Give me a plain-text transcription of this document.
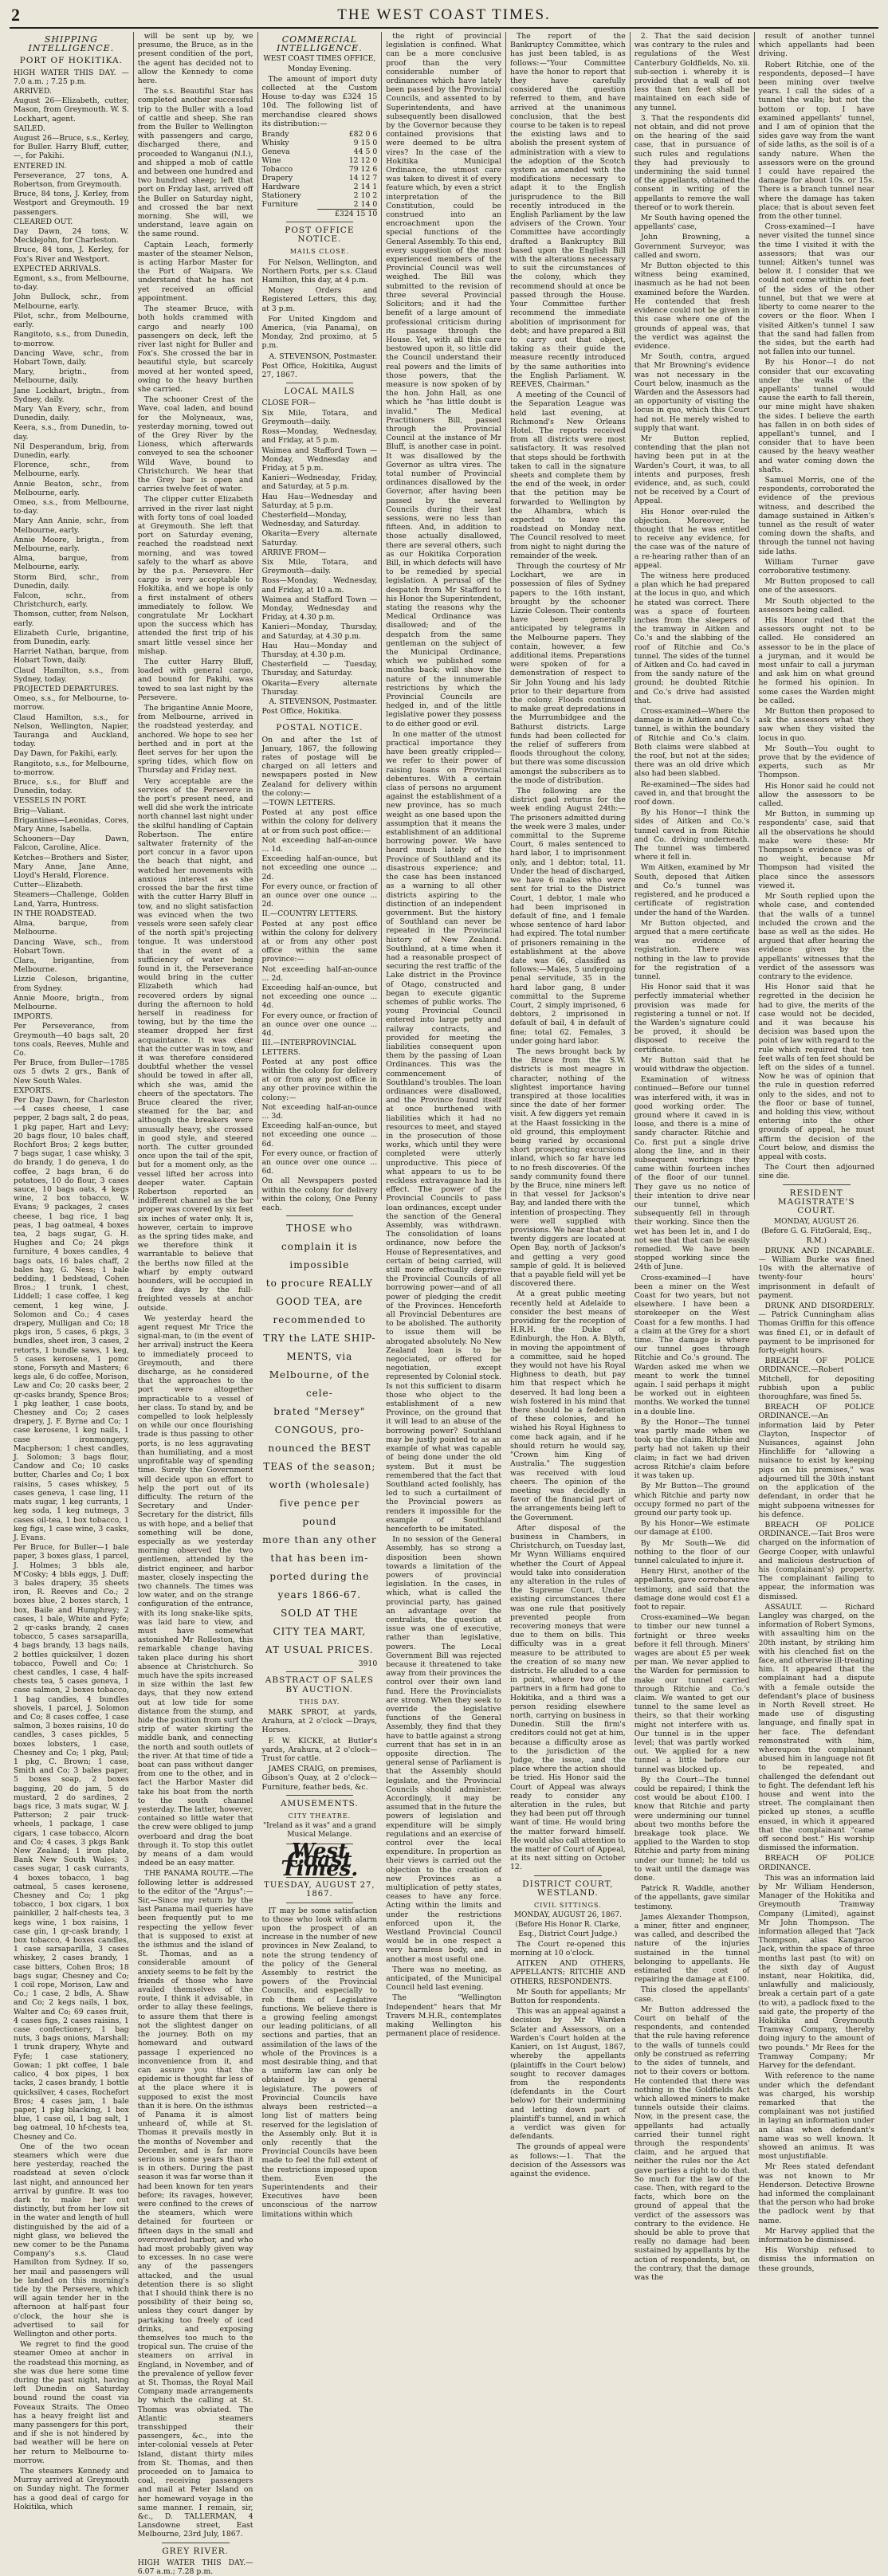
2	THE WEST COAST TIMES.
SHIPPING INTELLIGENCE.
PORT OF HOKITIKA.
HIGH WATER THIS DAY. — 7.0 a.m. ; 7.25 p.m.
ARRIVED.
August 26—Elizabeth, cutter, Mason, from Greymouth. W. S. Lockhart, agent.
SAILED.
August 26—Bruce, s.s., Kerley, for Buller. Harry Bluff, cutter, —, for Pakihi.
ENTERED IN.
Perseverance, 27 tons, A. Robertson, from Greymouth.
Bruce, 84 tons, J. Kerley, from Westport and Greymouth. 19 passengers.
CLEARED OUT.
Day Dawn, 24 tons, W. Mecklejohn, for Charleston.
Bruce, 84 tons, J. Kerley, for Fox's River and Westport.
EXPECTED ARRIVALS.
Egmont, s.s., from Melbourne, to-day.
John Bullock, schr., from Melbourne, early.
Pilot, schr., from Melbourne, early.
Rangitoto, s.s., from Dunedin, to-morrow.
Dancing Wave, schr., from Hobart Town, daily.
Mary, brigtn., from Melbourne, daily.
Jane Lockhart, brigtn., from Sydney, daily.
Mary Van Every, schr., from Dunedin, daily.
Keera, s.s., from Dunedin, to-day.
Nil Desperandum, brig, from Dunedin, early.
Florence, schr., from Melbourne, early.
Annie Beaton, schr., from Melbourne, early.
Omeo, s.s., from Melbourne, to-day.
Mary Ann Annie, schr., from Melbourne, early.
Annie Moore, brigtn., from Melbourne, early.
Alma, barque, from Melbourne, early.
Storm Bird, schr., from Dunedin, daily.
Falcon, schr., from Christchurch, early.
Thomson, cutter, from Nelson, early.
Elizabeth Curle, brigantine, from Dunedin, early.
Harriet Nathan, barque, from Hobart Town, daily.
Claud Hamilton, s.s., from Sydney, today.
PROJECTED DEPARTURES.
Omeo, s.s., for Melbourne, to-morrow.
Claud Hamilton, s.s., for Nelson, Wellington, Napier, Tauranga and Auckland, today.
Day Dawn, for Pakihi, early.
Rangitoto, s.s., for Melbourne, to-morrow.
Bruce, s.s., for Bluff and Dunedin, today.
VESSELS IN PORT.
Brig—Valiant.
Brigantines—Leonidas, Cores, Mary Anne, Isabella.
Schooners—Day Dawn, Falcon, Caroline, Alice.
Ketches—Brothers and Sister, Mary Anne, Jane Anne, Lloyd's Herald, Florence.
Cutter—Elizabeth.
Steamers—Challenge, Golden Land, Yarra, Huntress.
IN THE ROADSTEAD.
Alma, barque, from Melbourne.
Dancing Wave, sch., from Hobart Town.
Clara, brigantine, from Melbourne.
Lizzie Coleson, brigantine, from Sydney.
Annie Moore, brigtn., from Melbourne.
IMPORTS.
Per Perseverance, from Greymouth—40 bags salt, 20 tons coals, Reeves, Muhle and Co.
Per Bruce, from Buller—1785 ozs 5 dwts 2 grs., Bank of New South Wales.
EXPORTS.
Per Day Dawn, for Charleston—4 cases cheese, 1 case pepper, 2 bags salt, 2 do peas, 1 pkg paper, Hart and Levy; 20 bags flour, 10 bales chaff, Rochfort Bros; 2 kegs butter, 7 bags sugar, 1 case whisky, 3 do brandy, 1 do geneva, 1 do coffee, 2 bags bran, 6 do potatoes, 10 do flour, 3 cases sauce, 10 bags oats, 4 kegs wine, 2 box tobacco, W. Evans; 9 packages, 2 cases cheese, 1 bag rice, 1 bag peas, 1 bag oatmeal, 4 boxes tea, 2 bags sugar, G. H. Hughes and Co; 24 pkgs furniture, 4 boxes candles, 4 bags oats, 16 bales chaff, 2 bales hay, G. Ness; 1 bale bedding, 1 bedstead, Cohen Bros.; 1 trunk, 1 chest, Liddell; 1 case coffee, 1 keg cement, 1 keg wine, J. Solomon and Co.; 4 cases drapery, Mulligan and Co; 18 pkgs iron, 5 cases, 6 pkgs, 3 bundles, sheet iron, 3 cases, 2 retorts, 1 bundle saws, 1 keg, 5 cases kerosene, 1 pomc stone, Forsyth and Masters; 6 kegs ale, 6 do coffee, Morison, Law and Co; 20 casks beer, 2 qr-casks brandy, Spence Bros; 1 pkg leather, 1 case boots, Chesney and Co; 2 cases drapery, J. F. Byrne and Co; 1 case kerosene, 1 keg nails, 1 case ironmongery, Macpherson; 1 chest candles, J. Solomon; 3 bags flour, Candow and Co; 10 casks butter, Charles and Co; 1 box raisins, 5 cases whiskey, 5 cases geneva, 1 case ling, 11 mats sugar, 1 keg currants, 1 keg soda, 1 keg nutmegs, 3 cases oil-tea, 1 box tobacco, 1 keg figs, 1 case wine, 3 casks, J. Evans.
Per Bruce, for Buller—1 bale paper, 3 boxes glass, 1 parcel, J. Holmes; 3 bbls ale, M'Cosky; 4 bbls eggs, J. Duff; 3 bales drapery, 35 sheets iron, R. Reeves and Co.; 2 boxes blue, 2 boxes starch, 1 box, Baile and Humphrey; 2 cases, 1 bale, White and Fyfe; 2 qr-casks brandy, 2 cases tobacco, 5 cases sarsaparilla, 4 bags brandy, 13 bags nails, 2 bottles quicksilver, 1 dozen tobacco, Powell and Co; 1 chest candles, 1 case, 4 half-chests tea, 5 cases geneva, 1 case salmon, 2 boxes tobacco, 1 bag candies, 4 bundles shovels, 1 parcel, J. Solomon and Co; 8 cases coffee, 1 case salmon, 3 boxes raisins, 10 do candles, 3 cases pickles, 5 boxes lobsters, 1 case, Chesney and Co; 1 pkg, Paul; 1 pkg, C. Brown; 1 case, Smith and Co; 3 bales paper, 5 boxes soap, 2 boxes bagging, 20 do jam, 5 do mustard, 2 do sardines, 2 bags rice, 3 mats sugar, W. J. Patterson; 2 pair truck-wheels, 1 package, 1 case cigars, 1 case tobacco, Alcorn and Co; 4 cases, 3 pkgs Bank New Zealand; 1 iron plate, Bank New South Wales; 3 cases sugar, 1 cask currants, 4 boxes tobacco, 1 bag oatmeal, 5 cases kerosene, Chesney and Co; 1 pkg tobacco, 1 box cigars, 1 box painkiller, 2 half-chests tea, 3 kegs wine, 1 box raisins, 1 case gin, 1 qr-cask brandy, 1 box tobacco, 4 boxes candles, 1 case sarsaparilla, 3 cases whiskey, 2 cases brandy, 1 case bitters, Cohen Bros; 18 bags sugar, Chesney and Co; 1 coil rope, Morison, Law and Co.; 1 case, 2 bdls, A. Shaw and Co; 2 kegs nails, 1 box, Walter and Co; 69 cases fruit, 4 cases figs, 2 cases raisins, 1 case confectionery, 1 bag nuts, 3 bags onions, Marshall; 1 trunk drapery, Whyte and Fyfe; 1 case stationery, Gowan; 1 pkt coffee, 1 bale calico, 4 box pipes, 1 box tacks, 2 cases brandy, 1 bottle quicksilver, 4 cases, Rochefort Bros; 4 cases jam, 1 bale paper, 1 pkg blacking, 1 box blue, 1 case oil, 1 bag salt, 1 bag oatmeal, 10 hf-chests tea, Chesney and Co.
One of the two ocean steamers which were due here yesterday, reached the roadstead at seven o'clock last night, and announced her arrival by gunfire. It was too dark to make her out distinctly, but from her low sit in the water and length of hull distinguished by the aid of a night glass, we believed the new comer to be the Panama Company's s.s. Claud Hamilton from Sydney. If so, her mail and passengers will be landed on this morning's tide by the Persevere, which will again tender her in the afternoon at half-past four o'clock, the hour she is advertised to sail for Wellington and other ports.
We regret to find the good steamer Omeo at anchor in the roadstead this morning, as she was due here some time during the past night, having left Dunedin on Saturday bound round the coast via Foveaux Straits. The Omeo has a heavy freight list and many passengers for this port, and if she is not hindered by bad weather will be here on her return to Melbourne to-morrow.
The steamers Kennedy and Murray arrived at Greymouth on Sunday night. The former has a good deal of cargo for Hokitika, which
will be sent up by, we presume, the Bruce, as in the present condition of the port, the agent has decided not to allow the Kennedy to come here.
The s.s. Beautiful Star has completed another successful trip to the Buller with a load of cattle and sheep. She ran from the Buller to Wellington with passengers and cargo, discharged there, and proceeded to Wanganui (N.I.), and shipped a mob of cattle and between one hundred and two hundred sheep; left that port on Friday last, arrived off the Buller on Saturday night, and crossed the bar next morning. She will, we understand, leave again on the same round.
Captain Leach, formerly master of the steamer Nelson, is acting Harbor Master for the Port of Waipara. We understand that he has not yet received an official appointment.
The steamer Bruce, with both holds crammed with cargo and nearly 100 passengers on deck, left the river last night for Buller and Fox's. She crossed the bar in beautiful style, but scarcely moved at her wonted speed, owing to the heavy burthen she carried.
The schooner Crest of the Wave, coal laden, and bound for the Molyneaux, was, yesterday morning, towed out of the Grey River by the Lioness, which afterwards conveyed to sea the schooner Wild Wave, bound to Christchurch. We hear that the Grey bar is open and carries twelve feet of water.
The clipper cutter Elizabeth arrived in the river last night with forty tons of coal loaded at Greymouth. She left that port on Saturday evening, reached the roadstead next morning, and was towed safely to the wharf as above by the p.s. Persevere. Her cargo is very acceptable to Hokitika, and we hope is only a first instalment of others immediately to follow. We congratulate Mr Lockhart upon the success which has attended the first trip of his smart little vessel since her mishap.
The cutter Harry Bluff, loaded with general cargo, and bound for Pakihi, was towed to sea last night by the Persevere.
The brigantine Annie Moore, from Melbourne, arrived in the roadstead yesterday, and anchored. We hope to see her berthed and in port at the fleet serves for her upon the spring tides, which flow on Thursday and Friday next.
Very acceptable are the services of the Persevere in the port's present need, and well did she work the intricate north channel last night under the skilful handling of Captain Robertson. The entire saltwater fraternity of the port concur in a favor upon the beach that night, and watched her movements with anxious interest as she crossed the bar the first time with the cutter Harry Bluff in tow, and no slight satisfaction was evinced when the two vessels were seen safely clear of the north spit's projecting tongue. It was understood that in the event of a sufficiency of water being found in it, the Perseverance would bring in the cutter Elizabeth which had recovered orders by signal during the afternoon to hold herself in readiness for towing, but by the time the steamer dropped her first acquaintance. It was clear that the cutter was in tow, and it was therefore considered doubtful whether the vessel should be towed in after all, which she was, amid the cheers of the spectators. The Bruce cleared the river, steamed for the bar, and although the breakers were unusually heavy, she crossed in good style, and steered north. The cutter grounded once upon the tail of the spit, but for a moment only, as the vessel lifted her across into deeper water. Captain Robertson reported an indifferent channel as the bar proper was covered by six feet six inches of water only. It is, however, certain to improve as the spring tides make, and we therefore think it warrantable to believe that the berths now filled at the wharf by empty outward bounders, will be occupied in a few days by the full-freighted vessels at anchor outside.
We yesterday heard the agent request Mr Trice the signal-man, to (in the event of her arrival) instruct the Keera to immediately proceed to Greymouth, and there discharge, as he considered that the approaches to the port were altogether impracticable to a vessel of her class. To stand by, and be compelled to look helplessly on while our once flourishing trade is thus passing to other ports, is no less aggravating than humiliating, and a most unprofitable way of spending time. Surely the Government will decide upon an effort to help the port out of its difficulty. The return of the Secretary and Under-Secretary for the district, fills us with hope, and a belief that something will be done, especially as we yesterday morning observed the two gentlemen, attended by the district engineer, and harbor master, closely inspecting the two channels. The times was low water, and on the strange configuration of the entrance, with its long snake-like spits, was laid bare to view, and must have somewhat astonished Mr Rolleston, this remarkable change having taken place during his short absence at Christchurch. So much have the spits increased in size within the last few days, that they now extend out at low tide for some distance from the stump, and hide the position from surf the strip of water skirting the middle bank, and connecting the north and south outlets of the river. At that time of tide a boat can pass without danger from one to the other, and in fact the Harbor Master did take his boat from the north to the south channel yesterday. The latter, however, contained so little water that the crew were obliged to jump overboard and drag the boat through it. To stop this outlet by means of a dam would indeed be an easy matter.
THE PANAMA ROUTE.—The following letter is addressed to the editor of the "Argus":—Sir,—Since my return by the last Panama mail queries have been frequently put to me respecting the yellow fever that is supposed to exist at the isthmus and the island of St. Thomas, and as a considerable amount of anxiety seems to be felt by the friends of those who have availed themselves of the route, I think it advisable, in order to allay these feelings, to assure them that there is not the slightest danger on the journey. Both on my homeward and outward passage I experienced no inconvenience from it, and can assure you that the epidemic is thought far less of at the place where it is supposed to exist the most than it is here. On the isthmus of Panama it is almost unheard of, while at St. Thomas it prevails mostly in the months of November and December, and is far more serious in some years than it is in others. During the past season it was far worse than it had been known for ten years before; its ravages, however, were confined to the crews of the steamers, which were detained for fourteen or fifteen days in the small and overcrowded harbor, and who had most probably given way to excesses. In no case were any of the passengers attacked, and the usual detention there is so slight that I should think there is no possibility of their being so, unless they court danger by partaking too freely of iced drinks, and exposing themselves too much to the tropical sun. The cruise of the steamers on arrival in England, in November, and of the prevalence of yellow fever at St. Thomas, the Royal Mail Company made arrangements by which the calling at St. Thomas was obviated. The Atlantic steamers transshipped their passengers, &c., into the inter-colonial vessels at Peter Island, distant thirty miles from St. Thomas, and then proceeded on to Jamaica to coal, receiving passengers and mail at Peter Island on her homeward voyage in the same manner. I remain, sir, &c., D. TALLERMAN, 4 Lansdowne street, East Melbourne, 23rd July, 1867.
GREY RIVER.
HIGH WATER THIS DAY.—6.07 a.m.; 7.28 p.m.
COMMERCIAL INTELLIGENCE.
WEST COAST TIMES OFFICE,
Monday Evening.
The amount of import duty collected at the Custom House to-day was £324 15 10d. The following list of merchandise cleared shows its distribution:—
Brandy	£82 0 6
Whisky	9 15 0
Geneva	44 5 0
Wine	12 12 0
Tobacco	79 12 6
Drapery	14 12 7
Hardware	2 14 1
Stationery	2 10 2
Furniture	2 14 0
	£324 15 10
POST OFFICE NOTICE.
MAILS CLOSE.
For Nelson, Wellington, and Northern Ports, per s.s. Claud Hamilton, this day, at 4 p.m.
Money Orders and Registered Letters, this day, at 3 p.m.
For United Kingdom and America, (via Panama), on Monday, 2nd proximo, at 5 p.m.
A. STEVENSON, Postmaster.
Post Office, Hokitika, August 27, 1867.
LOCAL MAILS
CLOSE FOR—
Six Mile, Totara, and Greymouth—daily.
Ross—Monday, Wednesday, and Friday, at 5 p.m.
Waimea and Stafford Town — Monday, Wednesday and Friday, at 5 p.m.
Kanieri—Wednesday, Friday, and Saturday, at 5 p.m.
Hau Hau—Wednesday and Saturday, at 5 p.m.
Chesterfield—Monday, Wednesday, and Saturday.
Okarita—Every alternate Saturday.
ARRIVE FROM—
Six Mile, Totara, and Greymouth—daily.
Ross—Monday, Wednesday, and Friday, at 10 a.m.
Waimea and Stafford Town — Monday, Wednesday and Friday, at 4.30 p.m.
Kanieri—Monday, Thursday, and Saturday, at 4.30 p.m.
Hau Hau—Monday and Thursday, at 4.30 p.m.
Chesterfield — Tuesday, Thursday, and Saturday.
Okarita—Every alternate Thursday.
A. STEVENSON, Postmaster.
Post Office, Hokitika.
POSTAL NOTICE.
On and after the 1st of January, 1867, the following rates of postage will be charged on all letters and newspapers posted in New Zealand for delivery within the colony:—
—TOWN LETTERS.
Posted at any post office within the colony for delivery at or from such post office:—
Not exceeding half-an-ounce ... 1d.
Exceeding half-an-ounce, but not exceeding one ounce ... 2d.
For every ounce, or fraction of an ounce over one ounce ... 2d.
II.—COUNTRY LETTERS.
Posted at any post office within the colony for delivery at or from any other post office within the same province:—
Not exceeding half-an-ounce ... 2d.
Exceeding half-an-ounce, but not exceeding one ounce ... 4d.
For every ounce, or fraction of an ounce over one ounce ... 4d.
III.—INTERPROVINCIAL LETTERS.
Posted at any post office within the colony for delivery at or from any post office in any other province within the colony:—
Not exceeding half-an-ounce ... 3d.
Exceeding half-an-ounce, but not exceeding one ounce ... 6d.
For every ounce, or fraction of an ounce over one ounce ... 6d.
On all Newspapers posted within the colony for delivery within the colony, One Penny each.
THOSE who complain it is impossible
to procure REALLY GOOD TEA, are
recommended to TRY the LATE SHIP-
MENTS, via Melbourne, of the cele-
brated "Mersey" CONGOUS, pro-
nounced the BEST TEAS of the season;
worth (wholesale) five pence per pound
more than any other that has been im-
ported during the years 1866-67.
SOLD AT THE
CITY TEA MART,
AT USUAL PRICES.
3910
ABSTRACT OF SALES BY AUCTION.
THIS DAY.
MARK SPROT, at yards, Arahura, at 2 o'clock —Drays, Horses.
F. W. KICKE, at Butler's yards, Arahura, at 2 o'clock—Trust for cattle.
JAMES CRAIG, on premises, Gibson's Quay, at 2 o'clock—Furniture, feather beds, &c.
AMUSEMENTS.
CITY THEATRE.
"Ireland as it was" and a grand Musical Melange.
West Coast Times.
TUESDAY, AUGUST 27, 1867.
IT may be some satisfaction to those who look with alarm upon the prospect of an increase in the number of new provinces in New Zealand, to note the strong tendency of the policy of the General Assembly to restrict the powers of the Provincial Councils, and especially to rob them of Legislative functions. We believe there is a growing feeling amongst our leading politicians, of all sections and parties, that an assimilation of the laws of the whole of the Provinces is a most desirable thing, and that a uniform law can only be obtained by a general legislature. The powers of Provincial Councils have always been restricted—a long list of matters being reserved for the legislation of the Assembly only. But it is only recently that the Provincial Councils have been made to feel the full extent of the restrictions imposed upon them. Even the Superintendents and their Executives have been unconscious of the narrow limitations within which
the right of provincial legislation is confined. What can be a more conclusive proof than the very considerable number of ordinances which have lately been passed by the Provincial Councils, and assented to by Superintendents, and have subsequently been disallowed by the Governor because they contained provisions that were deemed to be ultra vires? In the case of the Hokitika Municipal Ordinance, the utmost care was taken to divest it of every feature which, by even a strict interpretation of the Constitution, could be construed into an encroachment upon the special functions of the General Assembly. To this end, every suggestion of the most experienced members of the Provincial Council was well weighed. The Bill was submitted to the revision of three several Provincial Solicitors; and it had the benefit of a large amount of professional criticism during its passage through the House. Yet, with all this care bestowed upon it, so little did the Council understand their real powers and the limits of those powers, that the measure is now spoken of by the hon. John Hall, as one which he "has little doubt is invalid." The Medical Practitioners Bill, passed through the Provincial Council at the instance of Mr Bluff, is another case in point. It was disallowed by the Governor as ultra vires. The total number of Provincial ordinances disallowed by the Governor, after having been passed by the several Councils during their last sessions, were no less than fifteen. And, in addition to those actually disallowed, there are several others, such as our Hokitika Corporation Bill, in which defects will have to be remedied by special legislation. A perusal of the despatch from Mr Stafford to his Honor the Superintendent, stating the reasons why the Medical Ordinance was disallowed; and of the despatch from the same gentleman on the subject of the Municipal Ordinance, which we published some months back; will show the nature of the innumerable restrictions by which the Provincial Councils are hedged in, and of the little legislative power they possess to do either good or evil.
In one matter of the utmost practical importance they have been greatly crippled—we refer to their power of raising loans on Provincial debentures. With a certain class of persons no argument against the establishment of a new province, has so much weight as one based upon the assumption that it means the establishment of an additional borrowing power. We have heard much lately of the Province of Southland and its disastrous experience; and the case has been instanced as a warning to all other districts aspiring to the distinction of an independent government. But the history of Southland can never be repeated in the Provincial history of New Zealand. Southland, at a time when it had a reasonable prospect of securing the rest traffic of the Lake district in the Province of Otago, constructed and began to execute gigantic schemes of public works. The young Provincial Council entered into large petty and railway contracts, and provided for meeting the liabilities consequent upon them by the passing of Loan Ordinances. This was the commencement of Southland's troubles. The loan ordinances were disallowed, and the Province found itself at once burthened with liabilities which it had no resources to meet, and stayed in the prosecution of those works, which until they were completed were utterly unproductive. This piece of what appears to us to be reckless extravagance had its effect. The power of the Provincial Councils to pass loan ordinances, except under the sanction of the General Assembly, was withdrawn. The consolidation of loans ordinance, now before the House of Representatives, and certain of being carried, will still more effectually deprive the Provincial Councils of all borrowing power—and of all power of pledging the credit of the Provinces. Henceforth all Provincial Debentures are to be abolished. The authority to issue them will be abrogated absolutely. No New Zealand loan is to be negociated, or offered for negotiation, except represented by Colonial stock. Is not this sufficient to disarm those who object to the establishment of a new Province, on the ground that it will lead to an abuse of the borrowing power? Southland may be justly pointed to as an example of what was capable of being done under the old system. But it must be remembered that the fact that Southland acted foolishly, has led to such a curtailment of the Provincial powers as renders it impossible for the example of Southland henceforth to be imitated.
In no session of the General Assembly, has so strong a disposition been shown towards a limitation of the powers of provincial legislation. In the cases, in which, what is called the provincial party, has gained an advantage over the centralists, the question at issue was one of executive, rather than legislative, powers. The Local Government Bill was rejected because it threatened to take away from their provinces the control over their own land fund. Here the Provincialists are strong. When they seek to override the legislative functions of the General Assembly, they find that they have to battle against a strong current that has set in in an opposite direction. The general sense of Parliament is that the Assembly should legislate, and the Provincial Councils should administer. Accordingly, it may be assumed that in the future the powers of legislation and expenditure will be simply regulations and an exercise of control over the local expenditure. In proportion as their views is carried out the objection to the creation of new Provinces as a multiplication of petty states, ceases to have any force. Acting within the limits and under the restrictions enforced upon it, the Westland Provincial Council would be in one respect a very harmless body, and in another a most useful one.
There was no meeting, as anticipated, of the Municipal Council held last evening.
The "Wellington Independent" hears that Mr Travers M.H.R., contemplates making Wellington his permanent place of residence.
The report of the Bankruptcy Committee, which has just been tabled, is as follows:—"Your Committee have the honor to report that they have carefully considered the question referred to them, and have arrived at the unanimous conclusion, that the best course to be taken is to repeal the existing laws and to abolish the present system of administration with a view to the adoption of the Scotch system as amended with the modifications necessary to adapt it to the English jurisprudence to the Bill recently introduced in the English Parliament by the law advisers of the Crown. Your Committee have accordingly drafted a Bankruptcy Bill based upon the English Bill with the alterations necessary to suit the circumstances of the colony, which they recommend should at once be passed through the House. Your Committee further recommend the immediate abolition of imprisonment for debt; and have prepared a Bill to carry out that object, taking as their guide the measure recently introduced by the same authorities into the English Parliament. W. REEVES, Chairman."
A meeting of the Council of the Separation League was held last evening, at Richmond's New Orleans Hotel. The reports received from all districts were most satisfactory. It was resolved that steps should be forthwith taken to call in the signature sheets and complete them by the end of the week, in order that the petition may be forwarded to Wellington by the Alhambra, which is expected to leave the roadstead on Monday next. The Council resolved to meet from night to night during the remainder of the week.
Through the courtesy of Mr Lockhart, we are in possession of files of Sydney papers to the 16th instant, brought by the schooner Lizzie Coleson. Their contents have been generally anticipated by telegrams in the Melbourne papers. They contain, however, a few additional items. Preparations were spoken of for a demonstration of respect to Sir John Young and his lady prior to their departure from the colony. Floods continued to make great depredations in the Murrumbidgee and the Bathurst districts. Large funds had been collected for the relief of sufferers from floods throughout the colony, but there was some discussion amongst the subscribers as to the mode of distribution.
The following are the district gaol returns for the week ending August 24th:—The prisoners admitted during the week were 3 males, under committal to the Supreme Court, 6 males sentenced to hard labor, 1 to imprisonment only, and 1 debtor; total, 11. Under the head of discharged, we have 6 males who were sent for trial to the District Court, 1 debtor, 1 male who had been imprisoned in default of fine, and 1 female whose sentence of hard labor had expired. The total number of prisoners remaining in the establishment at the above date was 66, classified as follows:—Males, 5 undergoing penal servitude, 35 in the hard labor gang, 8 under committal to the Supreme Court, 2 simply imprisoned, 6 debtors, 2 imprisoned in default of bail, 4 in default of fine; total 62. Females, 3 under going hard labor.
The news brought back by the Bruce from the S.W. districts is most meagre in character, nothing of the slightest importance having transpired at those localities since the date of her former visit. A few diggers yet remain at the Haast fossicking in the old ground, this employment being varied by occasional short prospecting excursions inland, which so far have led to no fresh discoveries. Of the sandy community found there by the Bruce, nine miners left in that vessel for Jackson's Bay, and landed there with the intention of prospecting. They were well supplied with provisions. We hear that about twenty diggers are located at Open Bay, north of Jackson's and getting a very good sample of gold. It is believed that a payable field will yet be discovered there.
At a great public meeting recently held at Adelaide to consider the best means of providing for the reception of H.R.H. the Duke of Edinburgh, the Hon. A. Blyth, in moving the appointment of a committee, said he hoped they would not have his Royal Highness to death, but pay him that respect which he deserved. It had long been a wish fostered in his mind that there should be a federation of these colonies, and he wished his Royal Highness to come back again, and if he should return he would say, "Crown him King of Australia." The suggestion was received with loud cheers. The opinion of the meeting was decidedly in favor of the financial part of the arrangements being left to the Government.
After disposal of the business in Chambers, in Christchurch, on Tuesday last, Mr Wynn Williams enquired whether the Court of Appeal would take into consideration any alteration in the rules of the Supreme Court. Under existing circumstances there was one rule that positively prevented people from recovering moneys that were due to them on bills. This difficulty was in a great measure to be attributed to the creation of so many new districts. He alluded to a case in point, where two of the partners in a firm had gone to Hokitika, and a third was a person residing elsewhere north, carrying on business in Dunedin. Still the firm's creditors could not get at him, because a difficulty arose as to the jurisdiction of the Judge, the issue, and the place where the action should be tried. His Honor said the Court of Appeal was always ready to consider any alteration in the rules, but they had been put off through want of time. He would bring the matter forward himself. He would also call attention to the matter of Court of Appeal, at its next sitting on October 12.
DISTRICT COURT, WESTLAND.
CIVIL SITTINGS.
MONDAY, AUGUST 26, 1867.
(Before His Honor R. Clarke, Esq., District Court Judge.)
The Court re-opened this morning at 10 o'clock.
AITKEN AND OTHERS, APPELLANTS; RITCHIE AND OTHERS, RESPONDENTS.
Mr South for appellants; Mr Button for respondents.
This was an appeal against a decision by Mr Warden Sclater and Assessors, on a Warden's Court holden at the Kanieri, on 1st August, 1867, whereby the appellants (plaintiffs in the Court below) sought to recover damages from the respondents (defendants in the Court below) for their undermining and letting down part of plaintiff's tunnel, and in which a verdict was given for defendants.
The grounds of appeal were as follows:—1. That the decision of the Assessors was against the evidence.
2. That the said decision was contrary to the rules and regulations of the West Canterbury Goldfields, No. xii. sub-section i. whereby it is provided that a wall of not less than ten feet shall be maintained on each side of any tunnel.
3. That the respondents did not obtain, and did not prove on the hearing of the said case, that in pursuance of such rules and regulations they had previously to undermining the said tunnel of the appellants, obtained the consent in writing of the appellants to remove the wall thereof or to work therein.
Mr South having opened the appellants' case,
John Browning, a Government Surveyor, was called and sworn.
Mr Button objected to this witness being examined, inasmuch as he had not been examined before the Warden. He contended that fresh evidence could not be given in this case where one of the grounds of appeal was, that the verdict was against the evidence.
Mr South, contra, argued that Mr Browning's evidence was not necessary in the Court below, inasmuch as the Warden and the Assessors had an opportunity of visiting the locus in quo, which this Court had not. He merely wished to supply that want.
Mr Button replied, contending that the plan not having been put in at the Warden's Court, it was, to all intents and purposes, fresh evidence, and, as such, could not be received by a Court of Appeal.
His Honor over-ruled the objection. Moreover, he thought that he was entitled to receive any evidence, for the case was of the nature of a re-hearing rather than of an appeal.
The witness here produced a plan which he had prepared at the locus in quo, and which he stated was correct. There was a space of fourteen inches from the sleepers of the tramway in Aitken and Co.'s and the slabbing of the roof of Ritchie and Co.'s tunnel. The sides of the tunnel of Aitken and Co. had caved in from the sandy nature of the ground; he doubted Ritchie and Co.'s drive had assisted that.
Cross-examined—Where the damage is in Aitken and Co.'s tunnel, is within the boundary of Ritchie and Co.'s claim. Both claims were slabbed at the roof, but not at the sides; there was an old drive which also had been slabbed.
Re-examined—The sides had caved in, and that brought the roof down.
By his Honor—I think the sides of Aitken and Co.'s tunnel caved in from Ritchie and Co. driving underneath. The tunnel was timbered where it fell in.
Wm Aitken, examined by Mr South, deposed that Aitken and Co.'s tunnel was registered, and he produced a certificate of registration under the hand of the Warden.
Mr Button objected, and argued that a mere certificate was no evidence of registration. There was nothing in the law to provide for the registration of a tunnel.
His Honor said that it was perfectly immaterial whether provision was made for registering a tunnel or not. If the Warden's signature could be proved, it should be disposed to receive the certificate.
Mr Button said that he would withdraw the objection.
Examination of witness continued—Before our tunnel was interfered with, it was in good working order. The ground where it caved in is loose, and there is a mine of sandy character. Ritchie and Co. first put a single drive along the line, and in their subsequent workings they came within fourteen inches of the floor of our tunnel. They gave us no notice of their intention to drive near our tunnel, which subsequently fell in through their working. Since then the wet has been let in, and I do not see that that can be easily remedied. We have been stopped working since the 24th of June.
Cross-examined—I have been a miner on the West Coast for two years, but not elsewhere. I have been a storekeeper on the West Coast for a few months. I had a claim at the Grey for a short time. The damage is where our tunnel goes through Ritchie and Co.'s ground. The Warden asked me when we meant to work the tunnel again. I said perhaps it might be worked out in eighteen months. We worked the tunnel in a double line.
By the Honor—The tunnel was partly made when we took up the claim. Ritchie and party had not taken up their claim; in fact we had driven across Ritchie's claim before it was taken up.
By Mr Button—The ground which Ritchie and party now occupy formed no part of the ground our party took up.
By his Honor—We estimate our damage at £100.
By Mr South—We did nothing to the floor of our tunnel calculated to injure it.
Henry Hirst, another of the appellants, gave corroborative testimony, and said that the damage done would cost £1 a foot to repair.
Cross-examined—We began to timber our new tunnel a fortnight or three weeks before it fell through. Miners' wages are about £5 per week per man. We never applied to the Warden for permission to make our tunnel carried through Ritchie and Co.'s claim. We wanted to get our tunnel to the same level as theirs, so that their working might not interfere with us. Our tunnel is in the upper level; that was partly worked out. We applied for a new tunnel a little before our tunnel was blocked up.
By the Court—The tunnel could be repaired; I think the cost would be about £100. I know that Ritchie and party were undermining our tunnel about two months before the breakage took place. We applied to the Warden to stop Ritchie and party from mining under our tunnel; he told us to wait until the damage was done.
Patrick R. Waddle, another of the appellants, gave similar testimony.
James Alexander Thompson, a miner, fitter and engineer, was called, and described the nature of the injuries sustained in the tunnel belonging to appellants. He estimated the cost of repairing the damage at £100.
This closed the appellants' case.
Mr Button addressed the Court on behalf of the respondents, and contended that the rule having reference to the walls of tunnels could only be construed as referring to the sides of tunnels, and not to their covers or bottom. He contended that there was nothing in the Goldfields Act which allowed miners to make tunnels outside their claims. Now, in the present case, the appellants had actually carried their tunnel right through the respondents' claim, and he argued that neither the rules nor the Act gave parties a right to do that. So much for the law of the case. Then, with regard to the facts, which bore on the ground of appeal that the verdict of the assessors was contrary to the evidence. He should be able to prove that really no damage had been sustained by appellants by the action of respondents, but, on the contrary, that the damage was the
result of another tunnel which appellants had been driving.
Robert Ritchie, one of the respondents, deposed—I have been mining over twelve years. I call the sides of a tunnel the walls; but not the bottom or top. I have examined appellants' tunnel, and I am of opinion that the sides gave way from the want of side laths, as the soil is of a sandy nature. When the assessors were on the ground I could have repaired the damage for about 10s. or 15s. There is a branch tunnel near where the damage has taken place; that is about seven feet from the other tunnel.
Cross-examined—I have never visited the tunnel since the time I visited it with the assessors; that was our tunnel; Aitken's tunnel was below it. I consider that we could not come within ten feet of the sides of the other tunnel, but that we were at liberty to come nearer to the covers or the floor. When I visited Aitken's tunnel I saw that the sand had fallen from the sides, but the earth had not fallen into our tunnel.
By his Honor—I do not consider that our excavating under the walls of the appellants' tunnel would cause the earth to fall therein, our mine might have shaken the sides. I believe the earth has fallen in on both sides of appellant's tunnel, and I consider that to have been caused by the heavy weather and water coming down the shafts.
Samuel Morris, one of the respondents, corroborated the evidence of the previous witness, and described the damage sustained in Aitken's tunnel as the result of water coming down the shafts, and through the tunnel not having side laths.
William Turner gave corroborative testimony.
Mr Button proposed to call one of the assessors.
Mr South objected to the assessors being called.
His Honor ruled that the assessors ought not to be called. He considered an assessor to be in the place of a juryman, and it would be most unfair to call a juryman and ask him on what ground he formed his opinion. In some cases the Warden might be called.
Mr Button then proposed to ask the assessors what they saw when they visited the locus in quo.
Mr South—You ought to prove that by the evidence of experts, such as Mr Thompson.
His Honor said he could not allow the assessors to be called.
Mr Button, in summing up respondents' case, said that all the observations he should make were these: Mr Thompson's evidence was of no weight, because Mr Thompson had visited the place since the assessors viewed it.
Mr South replied upon the whole case, and contended that the walls of a tunnel included the crown and the base as well as the sides. He argued that after hearing the evidence given by the appellants' witnesses that the verdict of the assessors was contrary to the evidence.
His Honor said that he regretted in the decision he had to give, the merits of the case would not be decided, and it was because his decision was based upon the point of law with regard to the rule which required that ten feet walls of ten feet should be left on the sides of a tunnel. Now he was of opinion that the rule in question referred only to the sides, and not to the floor or base of tunnel, and holding this view, without entering into the other grounds of appeal, he must affirm the decision of the Court below, and dismiss the appeal with costs.
The Court then adjourned sine die.
RESIDENT MAGISTRATE'S COURT.
MONDAY, AUGUST 26.
(Before G. G. FitzGerald, Esq., R.M.)
DRUNK AND INCAPABLE. — William Burke was fined 10s with the alternative of twenty-four hours' imprisonment in default of payment.
DRUNK AND DISORDERLY. — Patrick Cunningham alias Thomas Griffin for this offence was fined £1, or in default of payment to be imprisoned for forty-eight hours.
BREACH OF POLICE ORDINANCE.—Robert Mitchell, for depositing rubbish upon a public thoroughfare, was fined 5s.
BREACH OF POLICE ORDINANCE.—An information laid by Peter Clayton, Inspector of Nuisances, against John Hinchliffe for "allowing a nuisance to exist by keeping pigs on his premises," was adjourned till the 30th instant on the application of the defendant, in order that he might subpoena witnesses for his defence.
BREACH OF POLICE ORDINANCE.—Tait Bros were charged on the information of George Cooper, with unlawful and malicious destruction of his (complainant's) property. The complainant failing to appear, the information was dismissed.
ASSAULT. — Richard Langley was charged, on the information of Robert Symons, with assaulting him on the 20th instant, by striking him with his clenched fist on the face, and otherwise ill-treating him. It appeared that the complainant had a dispute with a female outside the defendant's place of business in North Revell street. He made use of disgusting language, and finally spat in her face. The defendant remonstrated with him, whereupon the complainant abused him in language not fit to be repeated, and challenged the defendant out to fight. The defendant left his house and went into the street. The complainant then picked up stones, a scuffle ensued, in which it appeared that the complainant "came off second best." His worship dismissed the information.
BREACH OF POLICE ORDINANCE.
This was an information laid by Mr William Henderson, Manager of the Hokitika and Greymouth Tramway Company (Limited), against Mr John Thompson. The information alleged that "Jack Thompson, alias Kangaroo Jack, within the space of three months last past (to wit) on the sixth day of August instant, near Hokitika, did, unlawfully and maliciously, break a certain part of a gate (to wit), a padlock fixed to the said gate, the property of the Hokitika and Greymouth Tramway Company, thereby doing injury to the amount of two pounds." Mr Rees for the Tramway Company; Mr Harvey for the defendant.
With reference to the name under which the defendant was charged, his worship remarked that the complainant was not justified in laying an information under an alias when defendant's name was so well known. It showed an animus. It was most unjustifiable.
Mr Rees stated defendant was not known to Mr Henderson. Detective Browne had informed the complainant that the person who had broke the padlock went by that name.
Mr Harvey applied that the information be dismissed.
His Worship refused to dismiss the information on these grounds,
